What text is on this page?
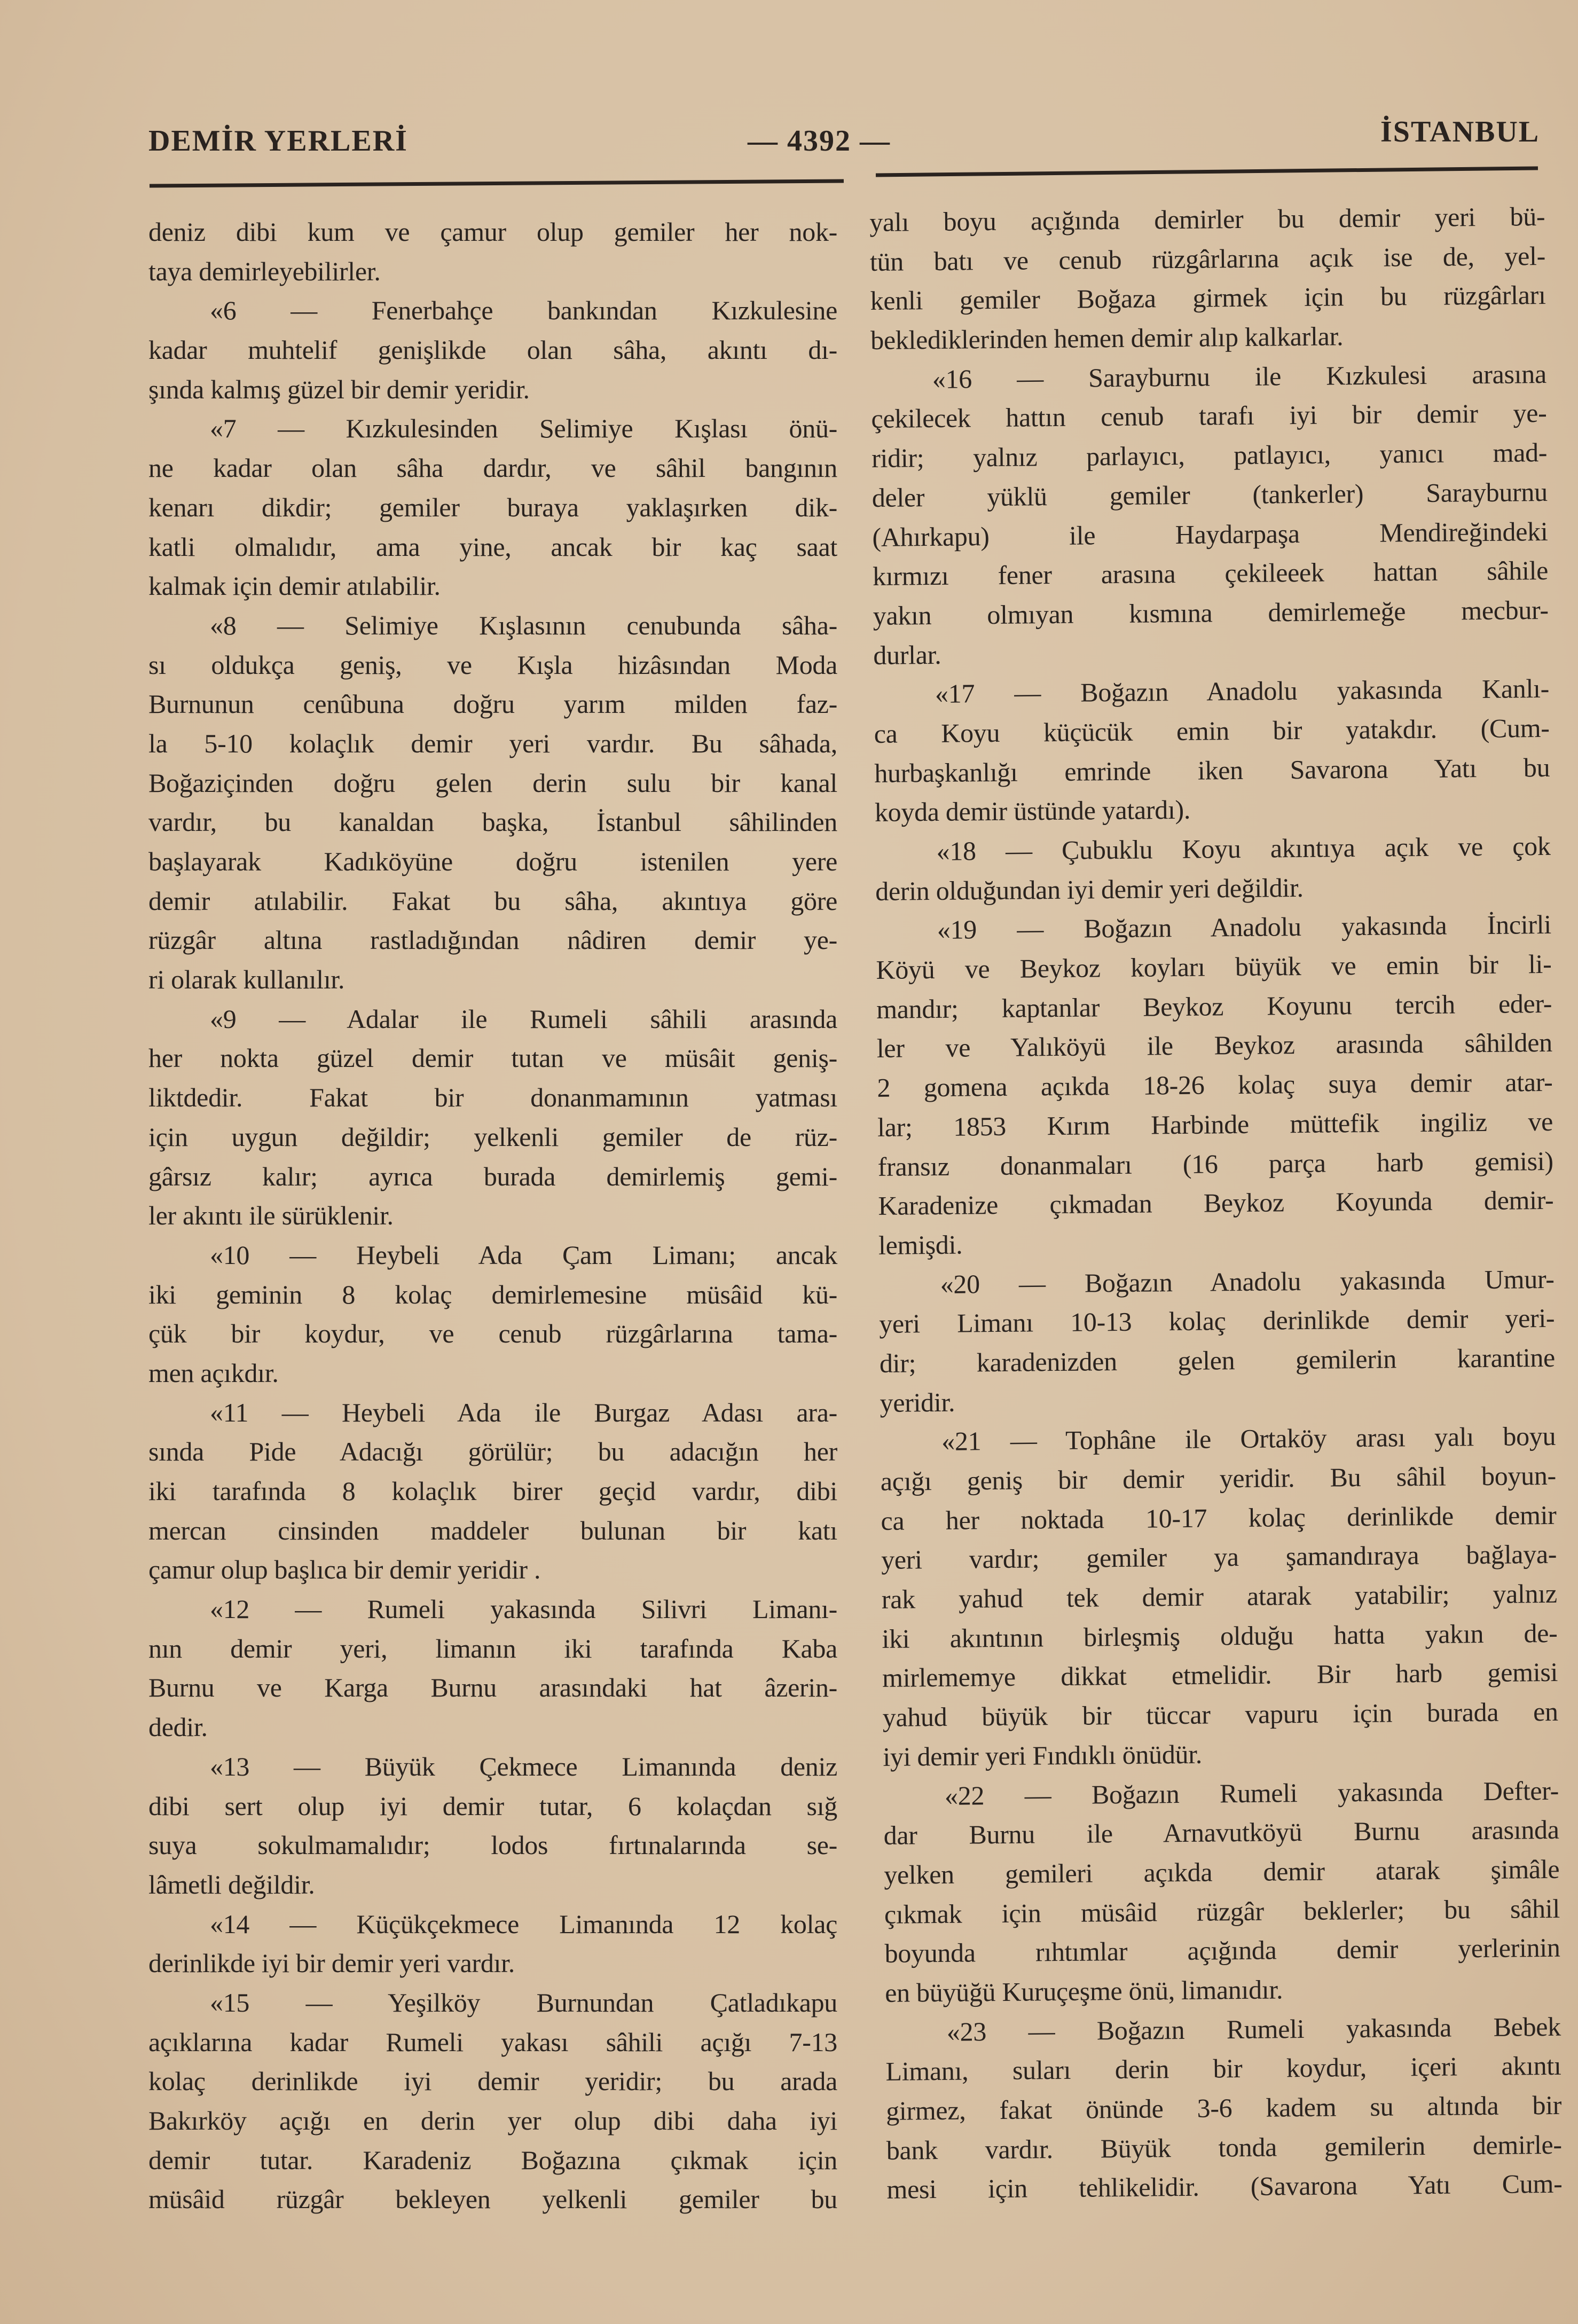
DEMİR YERLERİ	— 4392 —	İSTANBUL
deniz dibi kum ve çamur olup gemiler her nok-
taya demirleyebilirler.
«6 — Fenerbahçe bankından Kızkulesine
kadar muhtelif genişlikde olan sâha, akıntı dı-
şında kalmış güzel bir demir yeridir.
«7 — Kızkulesinden Selimiye Kışlası önü-
ne kadar olan sâha dardır, ve sâhil bangının
kenarı dikdir; gemiler buraya yaklaşırken dik-
katli olmalıdır, ama yine, ancak bir kaç saat
kalmak için demir atılabilir.
«8 — Selimiye Kışlasının cenubunda sâha-
sı oldukça geniş, ve Kışla hizâsından Moda
Burnunun cenûbuna doğru yarım milden faz-
la 5-10 kolaçlık demir yeri vardır. Bu sâhada,
Boğaziçinden doğru gelen derin sulu bir kanal
vardır, bu kanaldan başka, İstanbul sâhilinden
başlayarak Kadıköyüne doğru istenilen yere
demir atılabilir. Fakat bu sâha, akıntıya göre
rüzgâr altına rastladığından nâdiren demir ye-
ri olarak kullanılır.
«9 — Adalar ile Rumeli sâhili arasında
her nokta güzel demir tutan ve müsâit geniş-
liktdedir. Fakat bir donanmamının yatması
için uygun değildir; yelkenli gemiler de rüz-
gârsız kalır; ayrıca burada demirlemiş gemi-
ler akıntı ile sürüklenir.
«10 — Heybeli Ada Çam Limanı; ancak
iki geminin 8 kolaç demirlemesine müsâid kü-
çük bir koydur, ve cenub rüzgârlarına tama-
men açıkdır.
«11 — Heybeli Ada ile Burgaz Adası ara-
sında Pide Adacığı görülür; bu adacığın her
iki tarafında 8 kolaçlık birer geçid vardır, dibi
mercan cinsinden maddeler bulunan bir katı
çamur olup başlıca bir demir yeridir .
«12 — Rumeli yakasında Silivri Limanı-
nın demir yeri, limanın iki tarafında Kaba
Burnu ve Karga Burnu arasındaki hat âzerin-
dedir.
«13 — Büyük Çekmece Limanında deniz
dibi sert olup iyi demir tutar, 6 kolaçdan sığ
suya sokulmamalıdır; lodos fırtınalarında se-
lâmetli değildir.
«14 — Küçükçekmece Limanında 12 kolaç
derinlikde iyi bir demir yeri vardır.
«15 — Yeşilköy Burnundan Çatladıkapu
açıklarına kadar Rumeli yakası sâhili açığı 7-13
kolaç derinlikde iyi demir yeridir; bu arada
Bakırköy açığı en derin yer olup dibi daha iyi
demir tutar. Karadeniz Boğazına çıkmak için
müsâid rüzgâr bekleyen yelkenli gemiler bu
yalı boyu açığında demirler bu demir yeri bü-
tün batı ve cenub rüzgârlarına açık ise de, yel-
kenli gemiler Boğaza girmek için bu rüzgârları
beklediklerinden hemen demir alıp kalkarlar.
«16 — Sarayburnu ile Kızkulesi arasına
çekilecek hattın cenub tarafı iyi bir demir ye-
ridir; yalnız parlayıcı, patlayıcı, yanıcı mad-
deler yüklü gemiler (tankerler) Sarayburnu
(Ahırkapu) ile Haydarpaşa Mendireğindeki
kırmızı fener arasına çekileeek hattan sâhile
yakın olmıyan kısmına demirlemeğe mecbur-
durlar.
«17 — Boğazın Anadolu yakasında Kanlı-
ca Koyu küçücük emin bir yatakdır. (Cum-
hurbaşkanlığı emrinde iken Savarona Yatı bu
koyda demir üstünde yatardı).
«18 — Çubuklu Koyu akıntıya açık ve çok
derin olduğundan iyi demir yeri değildir.
«19 — Boğazın Anadolu yakasında İncirli
Köyü ve Beykoz koyları büyük ve emin bir li-
mandır; kaptanlar Beykoz Koyunu tercih eder-
ler ve Yalıköyü ile Beykoz arasında sâhilden
2 gomena açıkda 18-26 kolaç suya demir atar-
lar; 1853 Kırım Harbinde müttefik ingiliz ve
fransız donanmaları (16 parça harb gemisi)
Karadenize çıkmadan Beykoz Koyunda demir-
lemişdi.
«20 — Boğazın Anadolu yakasında Umur-
yeri Limanı 10-13 kolaç derinlikde demir yeri-
dir; karadenizden gelen gemilerin karantine
yeridir.
«21 — Tophâne ile Ortaköy arası yalı boyu
açığı geniş bir demir yeridir. Bu sâhil boyun-
ca her noktada 10-17 kolaç derinlikde demir
yeri vardır; gemiler ya şamandıraya bağlaya-
rak yahud tek demir atarak yatabilir; yalnız
iki akıntının birleşmiş olduğu hatta yakın de-
mirlememye dikkat etmelidir. Bir harb gemisi
yahud büyük bir tüccar vapuru için burada en
iyi demir yeri Fındıklı önüdür.
«22 — Boğazın Rumeli yakasında Defter-
dar Burnu ile Arnavutköyü Burnu arasında
yelken gemileri açıkda demir atarak şimâle
çıkmak için müsâid rüzgâr beklerler; bu sâhil
boyunda rıhtımlar açığında demir yerlerinin
en büyüğü Kuruçeşme önü, limanıdır.
«23 — Boğazın Rumeli yakasında Bebek
Limanı, suları derin bir koydur, içeri akıntı
girmez, fakat önünde 3-6 kadem su altında bir
bank vardır. Büyük tonda gemilerin demirle-
mesi için tehlikelidir. (Savarona Yatı Cum-
